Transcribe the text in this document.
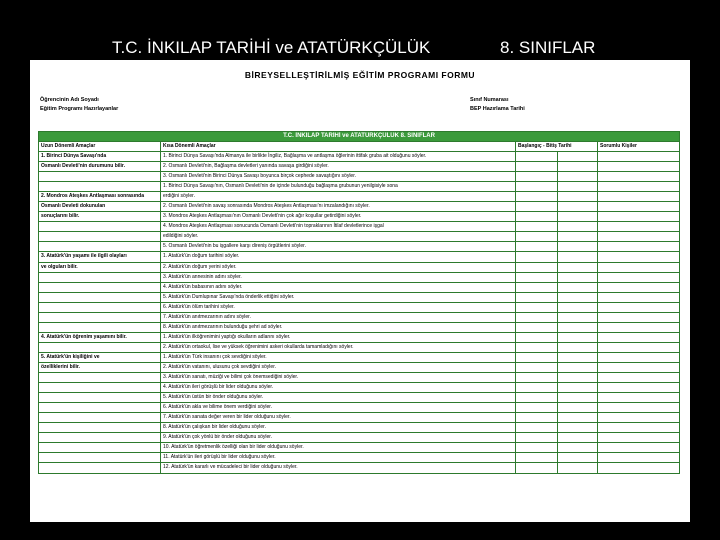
T.C. İNKILAP TARİHİ ve ATATÜRKÇÜLÜK	8. SINIFLAR
BİREYSELLEŞTİRİLMİŞ EĞİTİM PROGRAMI FORMU
Öğrencinin Adı Soyadı
Eğitim Programı Hazırlayanlar
Sınıf Numarası
BEP Hazırlama Tarihi
T.C. İNKILAP TARİHİ ve ATATÜRKÇÜLÜK 8. SINIFLAR				
Uzun Dönemli Amaçlar	Kısa Dönemli Amaçlar	Başlangıç - Bitiş Tarihi		Sorumlu Kişiler
1. Birinci Dünya Savaşı'nda	1. Birinci Dünya Savaşı'nda Almanya ile birlikte İngiliz, Bağlaşma ve antlaşma öğlerinin ittifak gruba ait olduğunu söyler.			
Osmanlı Devleti'nin durumunu bilir.	2. Osmanlı Devleti'nin, Bağlaşma devletleri yanında savaşa girdiğini söyler.			
	3. Osmanlı Devleti'nin Birinci Dünya Savaşı boyunca birçok cephede savaştığını söyler.			
	1. Birinci Dünya Savaşı'nın, Osmanlı Devleti'nin de içinde bulunduğu bağlaşma grubunun yenilgisiyle sona			
2. Mondros Ateşkes Antlaşması sonrasında	erdiğini söyler.			
Osmanlı Devleti dokunulan	2. Osmanlı Devleti'nin savaş sonrasında Mondros Ateşkes Antlaşması'nı imzalandığını söyler.			
sonuçlarını bilir.	3. Mondros Ateşkes Antlaşması'nın Osmanlı Devleti'nin çok ağır koşullar getirdiğini söyler.			
	4. Mondros Ateşkes Antlaşması sonucunda Osmanlı Devleti'nin topraklarının İtilaf devletlerince işgal			
	edildiğini söyler.			
	5. Osmanlı Devleti'nin bu işgallere karşı direniş örgütlerini söyler.			
3. Atatürk'ün yaşamı ile ilgili olayları	1. Atatürk'ün doğum tarihini söyler.			
ve olguları bilir.	2. Atatürk'ün doğum yerini söyler.			
	3. Atatürk'ün annesinin adını söyler.			
	4. Atatürk'ün babasının adını söyler.			
	5. Atatürk'ün Dumlupınar Savaşı'nda önderlik ettiğini söyler.			
	6. Atatürk'ün ölüm tarihini söyler.			
	7. Atatürk'ün anıtmezarının adını söyler.			
	8. Atatürk'ün anıtmezarının bulunduğu şehri ad söyler.			
4. Atatürk'ün öğrenim yaşamını bilir.	1. Atatürk'ün ilköğrenimini yaptığı okulların adlarını söyler.			
	2. Atatürk'ün ortaokul, lise ve yüksek öğrenimini askeri okullarda tamamladığını söyler.			
5. Atatürk'ün kişiliğini ve	1. Atatürk'ün Türk insanını çok sevdiğini söyler.			
özelliklerini bilir.	2. Atatürk'ün vatanını, ulusunu çok sevdiğini söyler.			
	3. Atatürk'ün sanatı, müziği ve bilimi çok önemsediğini söyler.			
	4. Atatürk'ün ileri görüşlü bir lider olduğunu söyler.			
	5. Atatürk'ün üstün bir önder olduğunu söyler.			
	6. Atatürk'ün akla ve bilime önem verdiğini söyler.			
	7. Atatürk'ün sanata değer veren bir lider olduğunu söyler.			
	8. Atatürk'ün çalışkan bir lider olduğunu söyler.			
	9. Atatürk'ün çok yönlü bir önder olduğunu söyler.			
	10. Atatürk'ün öğretmenlik özelliği olan bir lider olduğunu söyler.			
	11. Atatürk'ün ileri görüşlü bir lider olduğunu söyler.			
	12. Atatürk'ün kararlı ve mücadeleci bir lider olduğunu söyler.			
